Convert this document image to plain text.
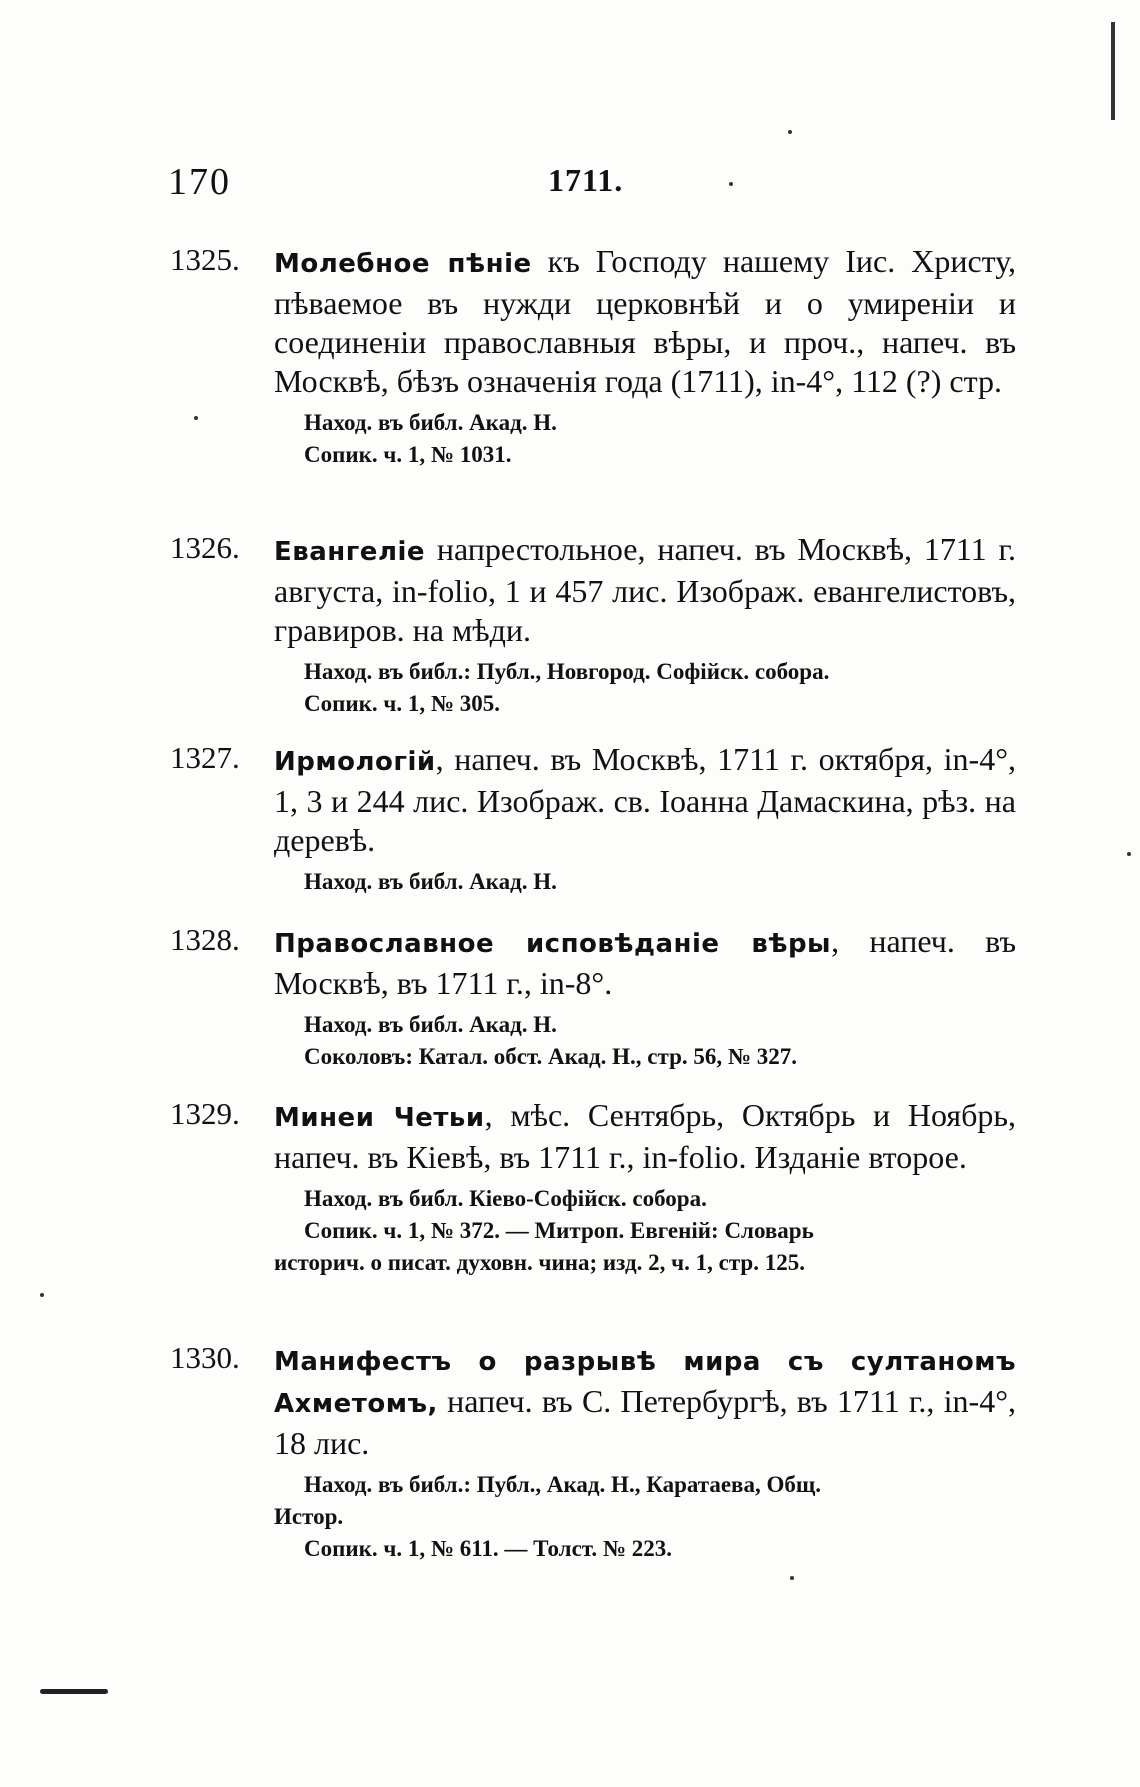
170	1711.
1325.	Молебное пѣніе къ Господу нашему Іис. Христу, пѣваемое въ нужди церковнѣй и о умиреніи и соединеніи православныя вѣры, и проч., напеч. въ Москвѣ, бѣзъ означенія года (1711), in-4°, 112 (?) стр.
Наход. въ библ. Акад. Н.
Сопик. ч. 1, № 1031.
1326.	Евангеліе напрестольное, напеч. въ Москвѣ, 1711 г. августа, in-folio, 1 и 457 лис. Изображ. евангелистовъ, гравиров. на мѣди.
Наход. въ библ.: Публ., Новгород. Софійск. собора.
Сопик. ч. 1, № 305.
1327.	Ирмологій, напеч. въ Москвѣ, 1711 г. октября, in-4°, 1, 3 и 244 лис. Изображ. св. Іоанна Дамаскина, рѣз. на деревѣ.
Наход. въ библ. Акад. Н.
1328.	Православное исповѣданіе вѣры, напеч. въ Москвѣ, въ 1711 г., in-8°.
Наход. въ библ. Акад. Н.
Соколовъ: Катал. обст. Акад. Н., стр. 56, № 327.
1329.	Минеи Четьи, мѣс. Сентябрь, Октябрь и Ноябрь, напеч. въ Кіевѣ, въ 1711 г., in-folio. Изданіе второе.
Наход. въ библ. Кіево-Софійск. собора.
Сопик. ч. 1, № 372. — Митроп. Евгеній: Словарь
историч. о писат. духовн. чина; изд. 2, ч. 1, стр. 125.
1330.	Манифестъ о разрывѣ мира съ султаномъ Ахметомъ, напеч. въ С. Петербургѣ, въ 1711 г., in-4°, 18 лис.
Наход. въ библ.: Публ., Акад. Н., Каратаева, Общ.
Истор.
Сопик. ч. 1, № 611. — Толст. № 223.
